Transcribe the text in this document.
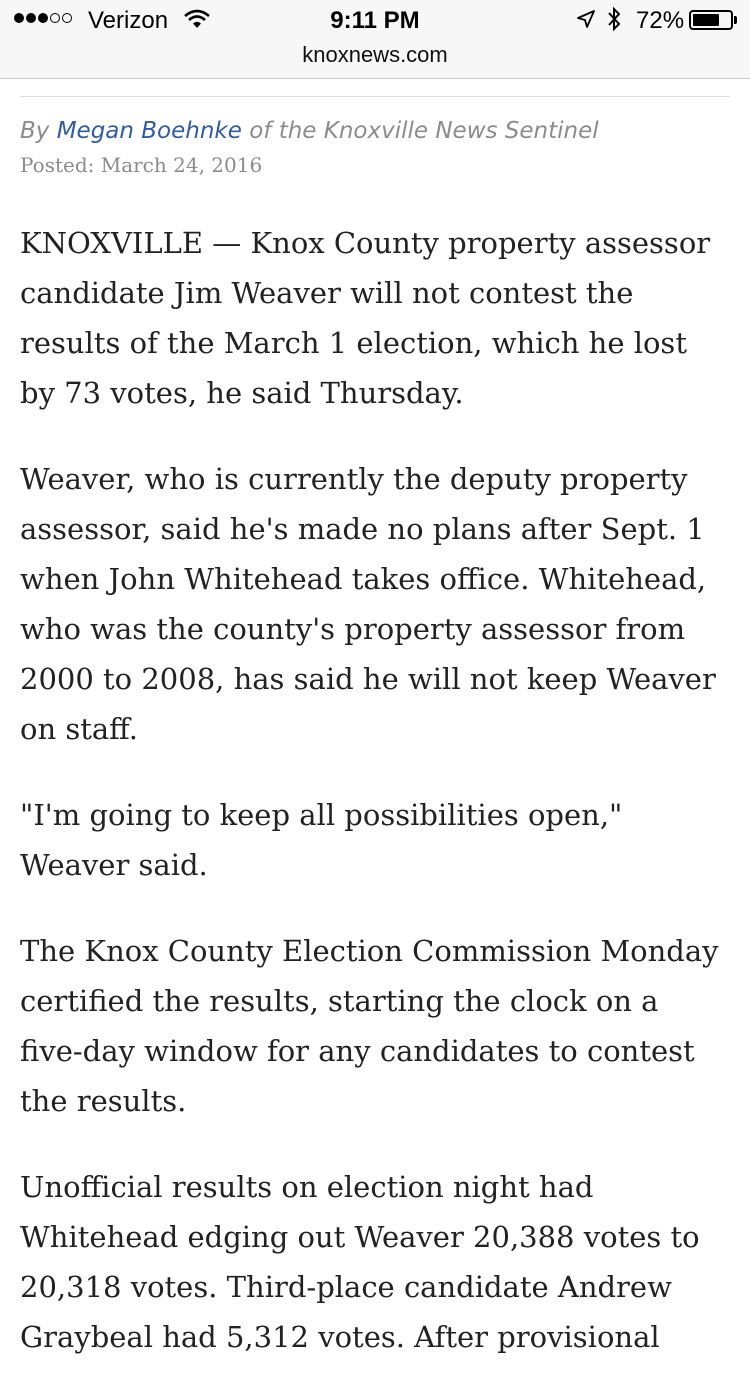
Verizon	9:11 PM	72%
knoxnews.com
By Megan Boehnke of the Knoxville News Sentinel
Posted: March 24, 2016

KNOXVILLE — Knox County property assessor candidate Jim Weaver will not contest the results of the March 1 election, which he lost by 73 votes, he said Thursday.

Weaver, who is currently the deputy property assessor, said he's made no plans after Sept. 1 when John Whitehead takes office. Whitehead, who was the county's property assessor from 2000 to 2008, has said he will not keep Weaver on staff.

"I'm going to keep all possibilities open," Weaver said.

The Knox County Election Commission Monday certified the results, starting the clock on a five-day window for any candidates to contest the results.

Unofficial results on election night had Whitehead edging out Weaver 20,388 votes to 20,318 votes. Third-place candidate Andrew Graybeal had 5,312 votes. After provisional
